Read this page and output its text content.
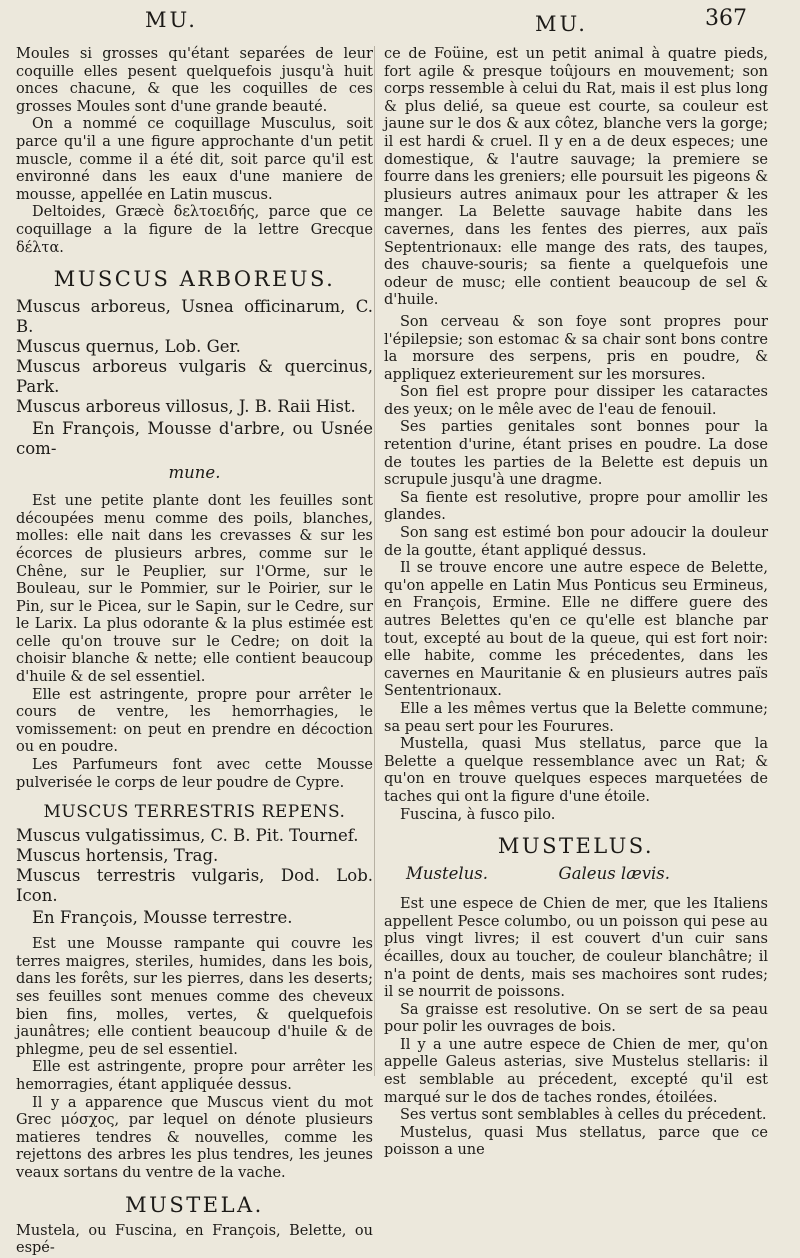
MU.	MU.	367

Moules si grosses qu'étant separées de leur coquille elles pesent quelquefois jusqu'à huit onces chacune, & que les coquilles de ces grosses Moules sont d'une grande beauté.

On a nommé ce coquillage Musculus, soit parce qu'il a une figure approchante d'un petit muscle, comme il a été dit, soit parce qu'il est environné dans les eaux d'une maniere de mousse, appellée en Latin muscus.

Deltoides, Græcè δελτοειδής, parce que ce coquillage a la figure de la lettre Grecque δέλτα.

MUSCUS ARBOREUS.

Muscus arboreus, Usnea officinarum, C. B.

Muscus quernus, Lob. Ger.

Muscus arboreus vulgaris & quercinus, Park.

Muscus arboreus villosus, J. B. Raii Hist.

En François, Mousse d'arbre, ou Usnée com-

mune.

Est une petite plante dont les feuilles sont découpées menu comme des poils, blanches, molles: elle nait dans les crevasses & sur les écorces de plusieurs arbres, comme sur le Chêne, sur le Peuplier, sur l'Orme, sur le Bouleau, sur le Pommier, sur le Poirier, sur le Pin, sur le Picea, sur le Sapin, sur le Cedre, sur le Larix. La plus odorante & la plus estimée est celle qu'on trouve sur le Cedre; on doit la choisir blanche & nette; elle contient beaucoup d'huile & de sel essentiel.

Elle est astringente, propre pour arrêter le cours de ventre, les hemorrhagies, le vomissement: on peut en prendre en décoction ou en poudre.

Les Parfumeurs font avec cette Mousse pulverisée le corps de leur poudre de Cypre.

MUSCUS TERRESTRIS REPENS.

Muscus vulgatissimus, C. B. Pit. Tournef.

Muscus hortensis, Trag.

Muscus terrestris vulgaris, Dod. Lob. Icon.

En François, Mousse terrestre.

Est une Mousse rampante qui couvre les terres maigres, steriles, humides, dans les bois, dans les forêts, sur les pierres, dans les deserts; ses feuilles sont menues comme des cheveux bien fins, molles, vertes, & quelquefois jaunâtres; elle contient beaucoup d'huile & de phlegme, peu de sel essentiel.

Elle est astringente, propre pour arrêter les hemorragies, étant appliquée dessus.

Il y a apparence que Muscus vient du mot Grec μόσχος, par lequel on dénote plusieurs matieres tendres & nouvelles, comme les rejettons des arbres les plus tendres, les jeunes veaux sortans du ventre de la vache.

MUSTELA.

Mustela, ou Fuscina, en François, Belette, ou espé-

ce de Foüine, est un petit animal à quatre pieds, fort agile & presque toûjours en mouvement; son corps ressemble à celui du Rat, mais il est plus long & plus delié, sa queue est courte, sa couleur est jaune sur le dos & aux côtez, blanche vers la gorge; il est hardi & cruel. Il y en a de deux especes; une domestique, & l'autre sauvage; la premiere se fourre dans les greniers; elle poursuit les pigeons & plusieurs autres animaux pour les attraper & les manger. La Belette sauvage habite dans les cavernes, dans les fentes des pierres, aux païs Septentrionaux: elle mange des rats, des taupes, des chauve-souris; sa fiente a quelquefois une odeur de musc; elle contient beaucoup de sel & d'huile.

Son cerveau & son foye sont propres pour l'épilepsie; son estomac & sa chair sont bons contre la morsure des serpens, pris en poudre, & appliquez exterieurement sur les morsures.

Son fiel est propre pour dissiper les cataractes des yeux; on le mêle avec de l'eau de fenouil.

Ses parties genitales sont bonnes pour la retention d'urine, étant prises en poudre. La dose de toutes les parties de la Belette est depuis un scrupule jusqu'à une dragme.

Sa fiente est resolutive, propre pour amollir les glandes.

Son sang est estimé bon pour adoucir la douleur de la goutte, étant appliqué dessus.

Il se trouve encore une autre espece de Belette, qu'on appelle en Latin Mus Ponticus seu Ermineus, en François, Ermine. Elle ne differe guere des autres Belettes qu'en ce qu'elle est blanche par tout, excepté au bout de la queue, qui est fort noir: elle habite, comme les précedentes, dans les cavernes en Mauritanie & en plusieurs autres païs Sententrionaux.

Elle a les mêmes vertus que la Belette commune; sa peau sert pour les Fourures.

Mustella, quasi Mus stellatus, parce que la Belette a quelque ressemblance avec un Rat; & qu'on en trouve quelques especes marquetées de taches qui ont la figure d'une étoile.

Fuscina, à fusco pilo.

MUSTELUS.

Mustelus.	Galeus lævis.

Est une espece de Chien de mer, que les Italiens appellent Pesce columbo, ou un poisson qui pese au plus vingt livres; il est couvert d'un cuir sans écailles, doux au toucher, de couleur blanchâtre; il n'a point de dents, mais ses machoires sont rudes; il se nourrit de poissons.

Sa graisse est resolutive. On se sert de sa peau pour polir les ouvrages de bois.

Il y a une autre espece de Chien de mer, qu'on appelle Galeus asterias, sive Mustelus stellaris: il est semblable au précedent, excepté qu'il est marqué sur le dos de taches rondes, étoilées.

Ses vertus sont semblables à celles du précedent.

Mustelus, quasi Mus stellatus, parce que ce poisson a une
